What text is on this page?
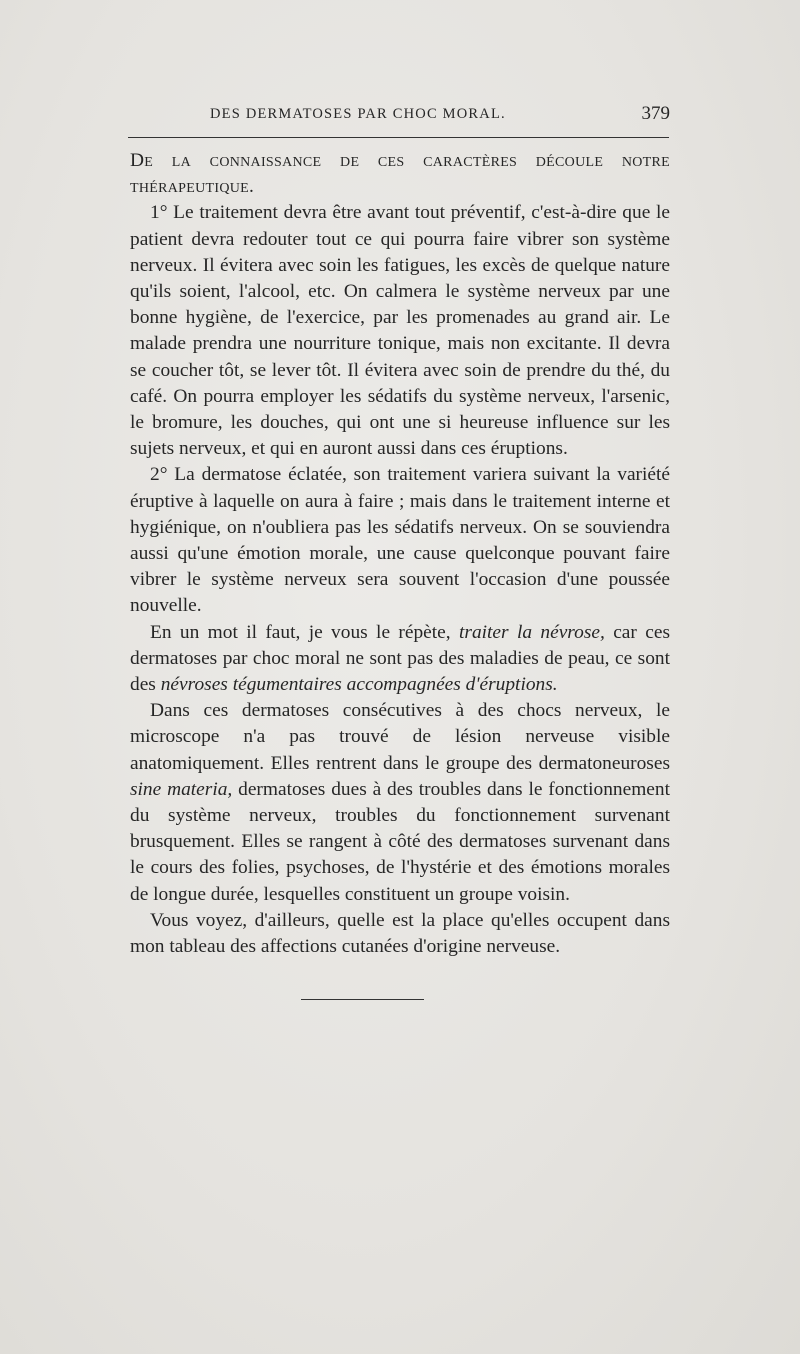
DES DERMATOSES PAR CHOC MORAL.	379

De la connaissance de ces caractères découle notre thérapeutique.

1° Le traitement devra être avant tout préventif, c'est-à-dire que le patient devra redouter tout ce qui pourra faire vibrer son système nerveux. Il évitera avec soin les fatigues, les excès de quelque nature qu'ils soient, l'alcool, etc. On calmera le système nerveux par une bonne hygiène, de l'exercice, par les promenades au grand air. Le malade prendra une nourriture tonique, mais non excitante. Il devra se coucher tôt, se lever tôt. Il évitera avec soin de prendre du thé, du café. On pourra employer les sédatifs du système nerveux, l'arsenic, le bromure, les douches, qui ont une si heureuse influence sur les sujets nerveux, et qui en auront aussi dans ces éruptions.

2° La dermatose éclatée, son traitement variera suivant la variété éruptive à laquelle on aura à faire ; mais dans le traitement interne et hygiénique, on n'oubliera pas les sédatifs nerveux. On se souviendra aussi qu'une émotion morale, une cause quelconque pouvant faire vibrer le système nerveux sera souvent l'occasion d'une poussée nouvelle.

En un mot il faut, je vous le répète, traiter la névrose, car ces dermatoses par choc moral ne sont pas des maladies de peau, ce sont des névroses tégumentaires accompagnées d'éruptions.

Dans ces dermatoses consécutives à des chocs nerveux, le microscope n'a pas trouvé de lésion nerveuse visible anatomiquement. Elles rentrent dans le groupe des dermatoneuroses sine materia, dermatoses dues à des troubles dans le fonctionnement du système nerveux, troubles du fonctionnement survenant brusquement. Elles se rangent à côté des dermatoses survenant dans le cours des folies, psychoses, de l'hystérie et des émotions morales de longue durée, lesquelles constituent un groupe voisin.

Vous voyez, d'ailleurs, quelle est la place qu'elles occupent dans mon tableau des affections cutanées d'origine nerveuse.
